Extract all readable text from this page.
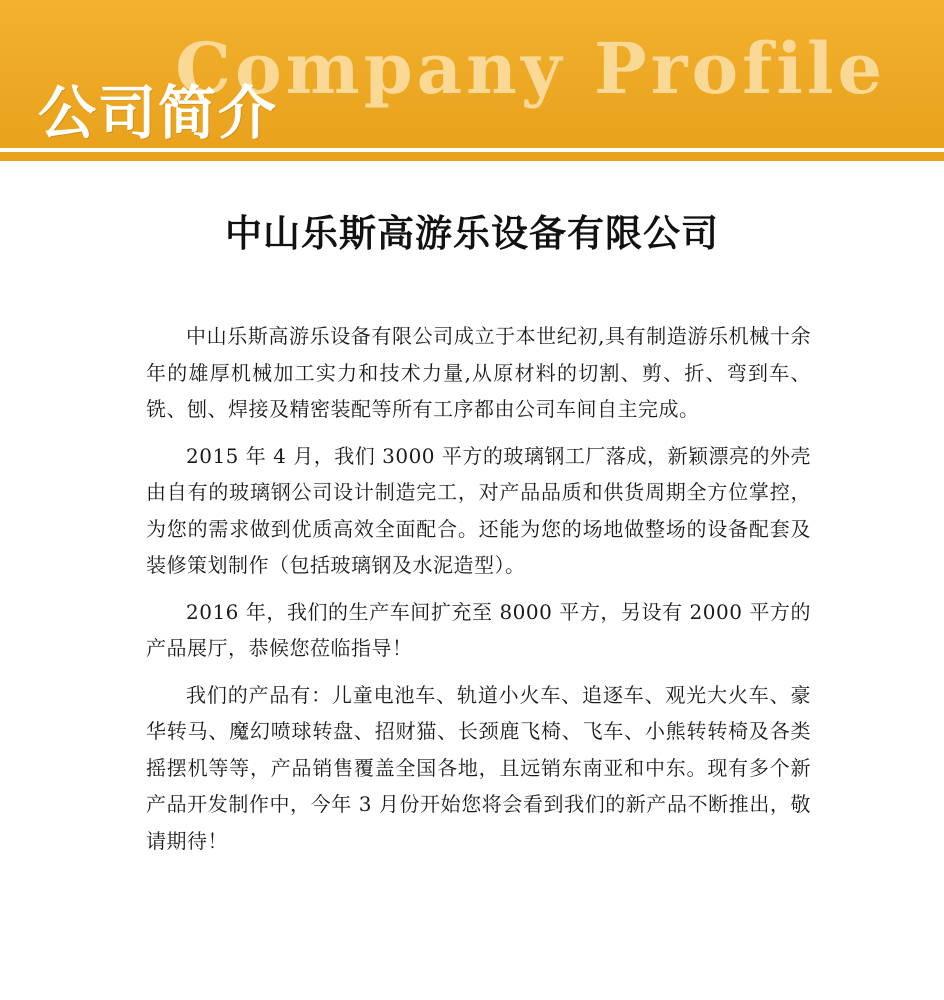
Company Profile
公司简介
中山乐斯高游乐设备有限公司

中山乐斯高游乐设备有限公司成立于本世纪初,具有制造游乐机械十余年的雄厚机械加工实力和技术力量,从原材料的切割、剪、折、弯到车、铣、刨、焊接及精密装配等所有工序都由公司车间自主完成。

2015 年 4 月，我们 3000 平方的玻璃钢工厂落成，新颖漂亮的外壳由自有的玻璃钢公司设计制造完工，对产品品质和供货周期全方位掌控，为您的需求做到优质高效全面配合。还能为您的场地做整场的设备配套及装修策划制作（包括玻璃钢及水泥造型）。

2016 年，我们的生产车间扩充至 8000 平方，另设有 2000 平方的产品展厅，恭候您莅临指导！

我们的产品有：儿童电池车、轨道小火车、追逐车、观光大火车、豪华转马、魔幻喷球转盘、招财猫、长颈鹿飞椅、飞车、小熊转转椅及各类摇摆机等等，产品销售覆盖全国各地，且远销东南亚和中东。现有多个新产品开发制作中，今年 3 月份开始您将会看到我们的新产品不断推出，敬请期待！
